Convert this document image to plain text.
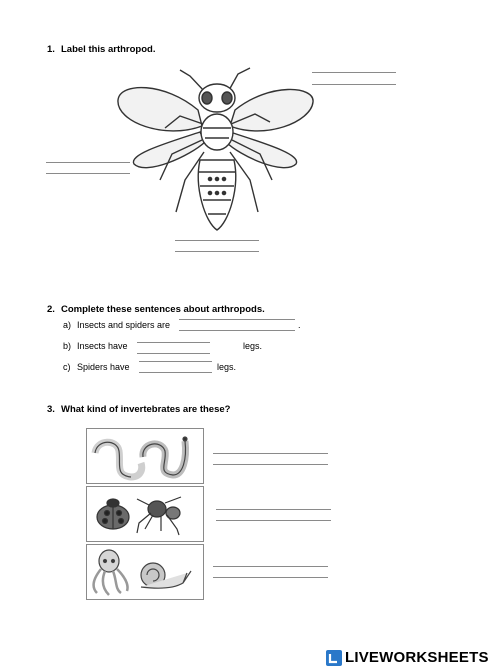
1. Label this arthropod.
2. Complete these sentences about arthropods.
a) Insects and spiders are	.
b) Insects have	legs.
c) Spiders have	legs.
3. What kind of invertebrates are these?
LIVEWORKSHEETS
